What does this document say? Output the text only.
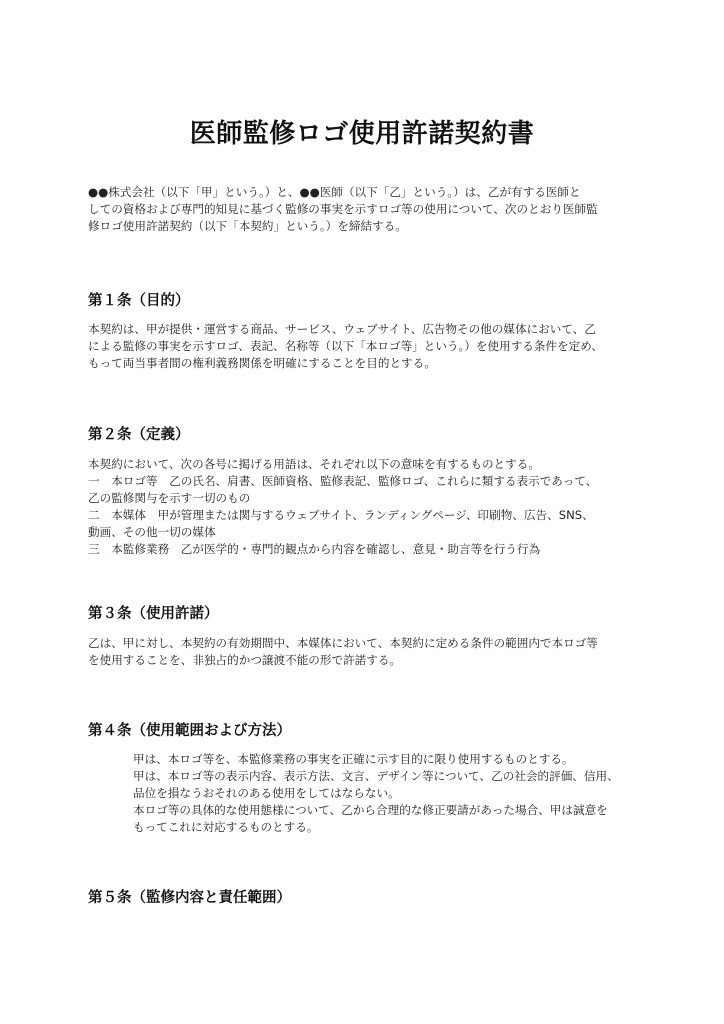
医師監修ロゴ使用許諾契約書
●●株式会社（以下「甲」という。）と、●●医師（以下「乙」という。）は、乙が有する医師と
しての資格および専門的知見に基づく監修の事実を示すロゴ等の使用について、次のとおり医師監
修ロゴ使用許諾契約（以下「本契約」という。）を締結する。
第１条（目的）
本契約は、甲が提供・運営する商品、サービス、ウェブサイト、広告物その他の媒体において、乙
による監修の事実を示すロゴ、表記、名称等（以下「本ロゴ等」という。）を使用する条件を定め、
もって両当事者間の権利義務関係を明確にすることを目的とする。
第２条（定義）
本契約において、次の各号に掲げる用語は、それぞれ以下の意味を有するものとする。
一　本ロゴ等　乙の氏名、肩書、医師資格、監修表記、監修ロゴ、これらに類する表示であって、
乙の監修関与を示す一切のもの
二　本媒体　甲が管理または関与するウェブサイト、ランディングページ、印刷物、広告、SNS、
動画、その他一切の媒体
三　本監修業務　乙が医学的・専門的観点から内容を確認し、意見・助言等を行う行為
第３条（使用許諾）
乙は、甲に対し、本契約の有効期間中、本媒体において、本契約に定める条件の範囲内で本ロゴ等
を使用することを、非独占的かつ譲渡不能の形で許諾する。
第４条（使用範囲および方法）
甲は、本ロゴ等を、本監修業務の事実を正確に示す目的に限り使用するものとする。
甲は、本ロゴ等の表示内容、表示方法、文言、デザイン等について、乙の社会的評価、信用、
品位を損なうおそれのある使用をしてはならない。
本ロゴ等の具体的な使用態様について、乙から合理的な修正要請があった場合、甲は誠意を
もってこれに対応するものとする。
第５条（監修内容と責任範囲）
